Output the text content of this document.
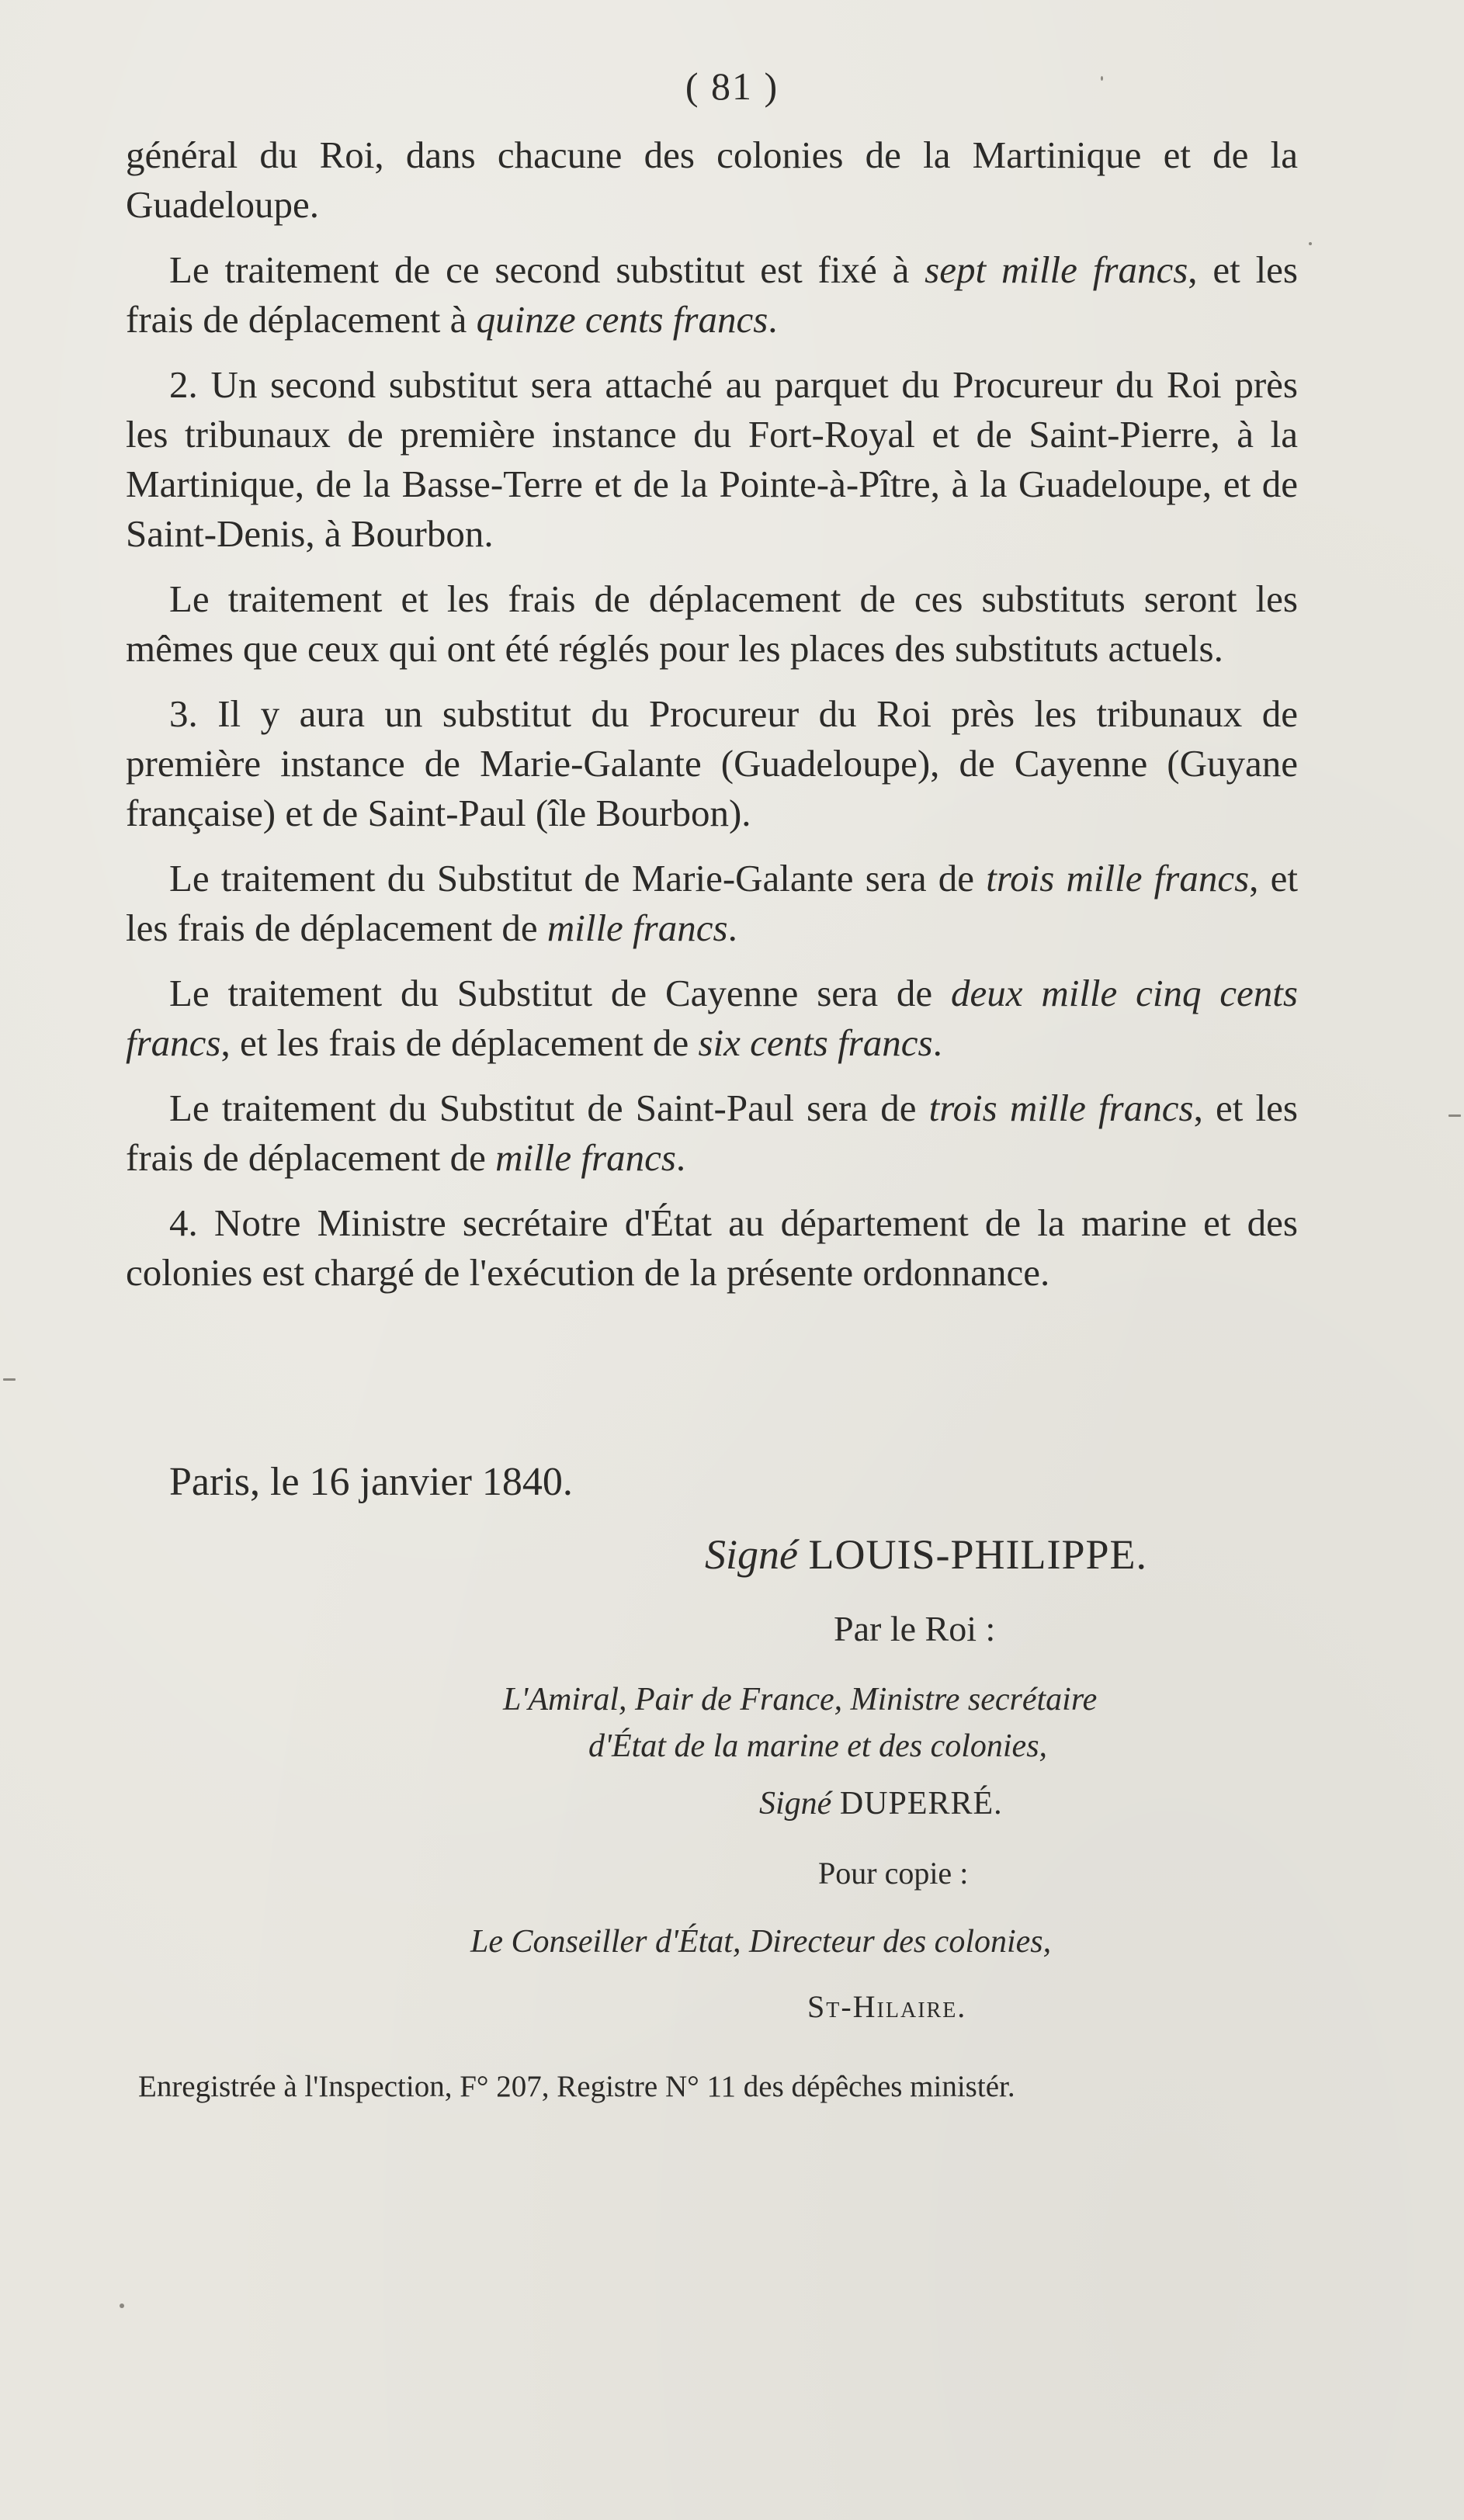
( 81 )

général du Roi, dans chacune des colonies de la Martinique et de la Guadeloupe.

Le traitement de ce second substitut est fixé à sept mille francs, et les frais de déplacement à quinze cents francs.

2. Un second substitut sera attaché au parquet du Procureur du Roi près les tribunaux de première instance du Fort-Royal et de Saint-Pierre, à la Martinique, de la Basse-Terre et de la Pointe-à-Pître, à la Guadeloupe, et de Saint-Denis, à Bourbon.

Le traitement et les frais de déplacement de ces substituts seront les mêmes que ceux qui ont été réglés pour les places des substituts actuels.

3. Il y aura un substitut du Procureur du Roi près les tribunaux de première instance de Marie-Galante (Guadeloupe), de Cayenne (Guyane française) et de Saint-Paul (île Bourbon).

Le traitement du Substitut de Marie-Galante sera de trois mille francs, et les frais de déplacement de mille francs.

Le traitement du Substitut de Cayenne sera de deux mille cinq cents francs, et les frais de déplacement de six cents francs.

Le traitement du Substitut de Saint-Paul sera de trois mille francs, et les frais de déplacement de mille francs.

4. Notre Ministre secrétaire d'État au département de la marine et des colonies est chargé de l'exécution de la présente ordonnance.

Paris, le 16 janvier 1840.
Signé LOUIS-PHILIPPE.
Par le Roi :
L'Amiral, Pair de France, Ministre secrétaire
d'État de la marine et des colonies,
Signé DUPERRÉ.
Pour copie :
Le Conseiller d'État, Directeur des colonies,
St-Hilaire.
Enregistrée à l'Inspection, F° 207, Registre N° 11 des dépêches ministér.
